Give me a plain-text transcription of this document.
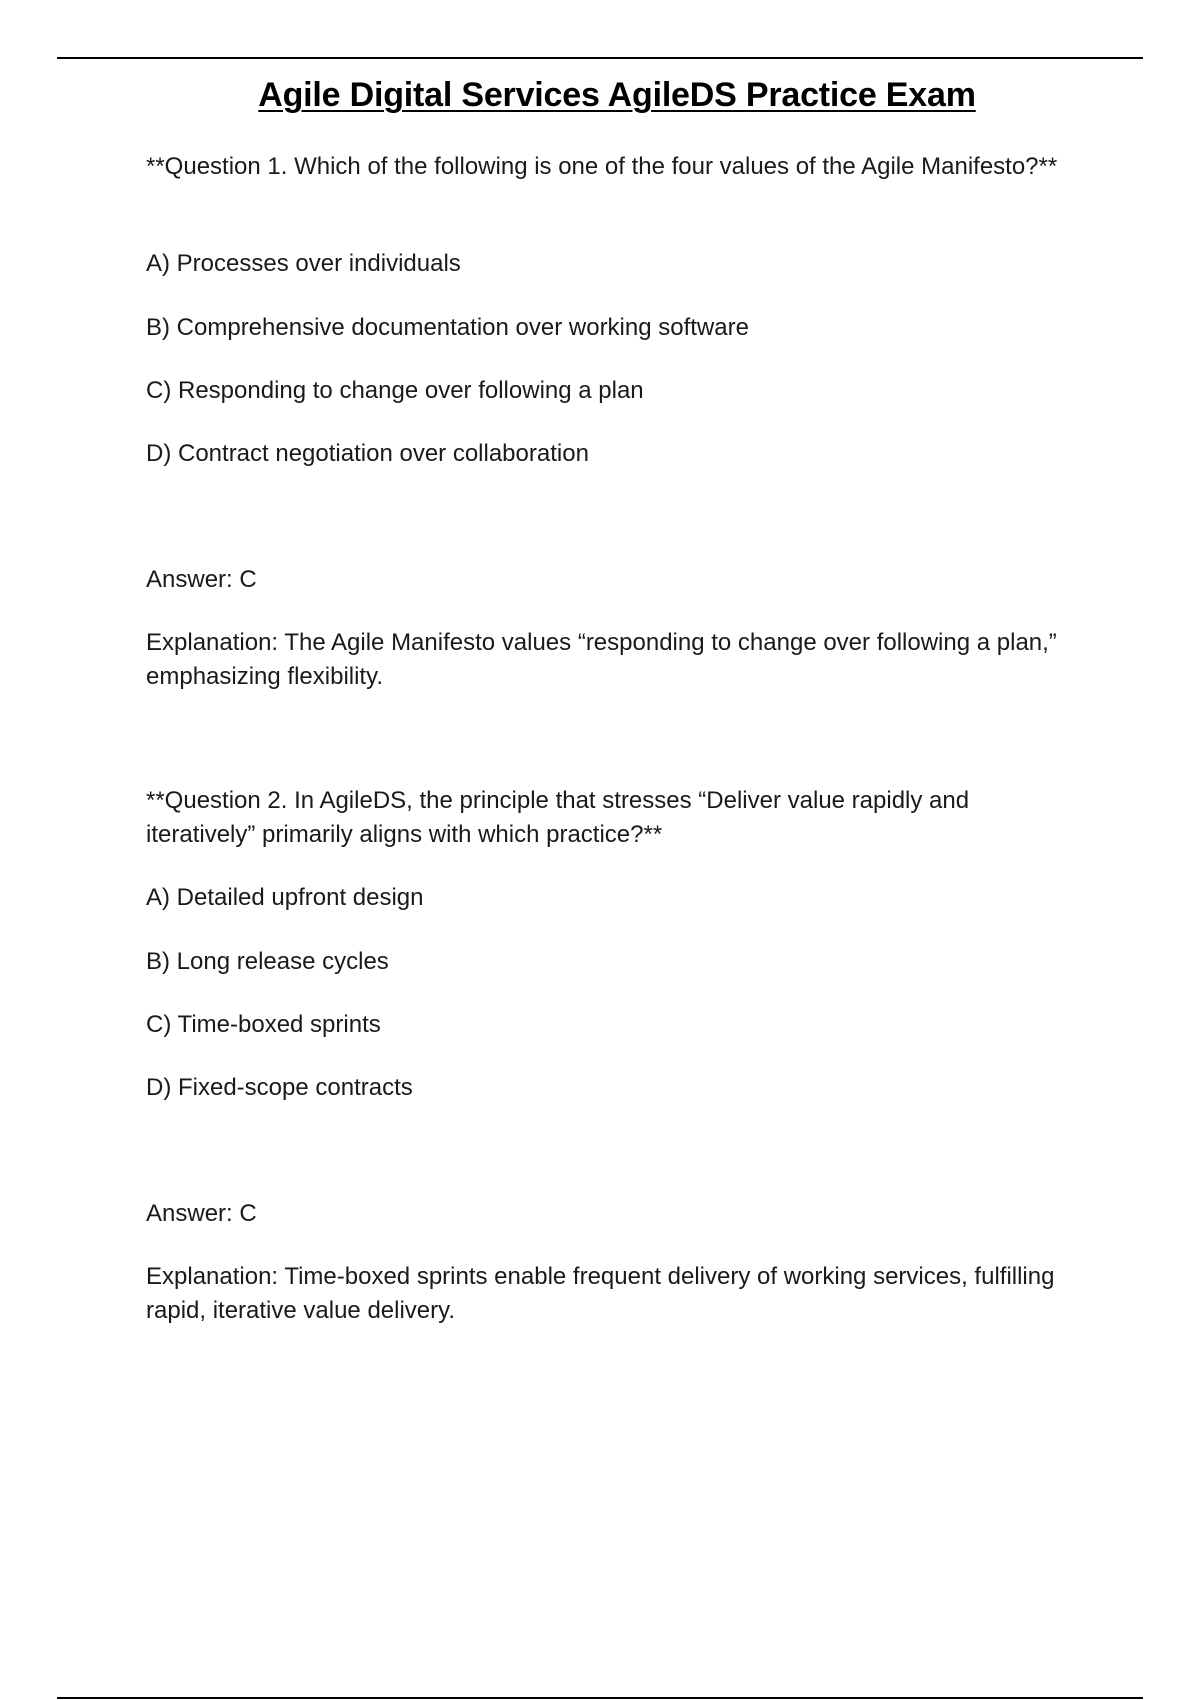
Agile Digital Services AgileDS Practice Exam

**Question 1. Which of the following is one of the four values of the Agile Manifesto?**

A) Processes over individuals

B) Comprehensive documentation over working software

C) Responding to change over following a plan

D) Contract negotiation over collaboration

Answer: C

Explanation: The Agile Manifesto values “responding to change over following a plan,” emphasizing flexibility.

**Question 2. In AgileDS, the principle that stresses “Deliver value rapidly and iteratively” primarily aligns with which practice?**

A) Detailed upfront design

B) Long release cycles

C) Time-boxed sprints

D) Fixed-scope contracts

Answer: C

Explanation: Time-boxed sprints enable frequent delivery of working services, fulfilling rapid, iterative value delivery.
